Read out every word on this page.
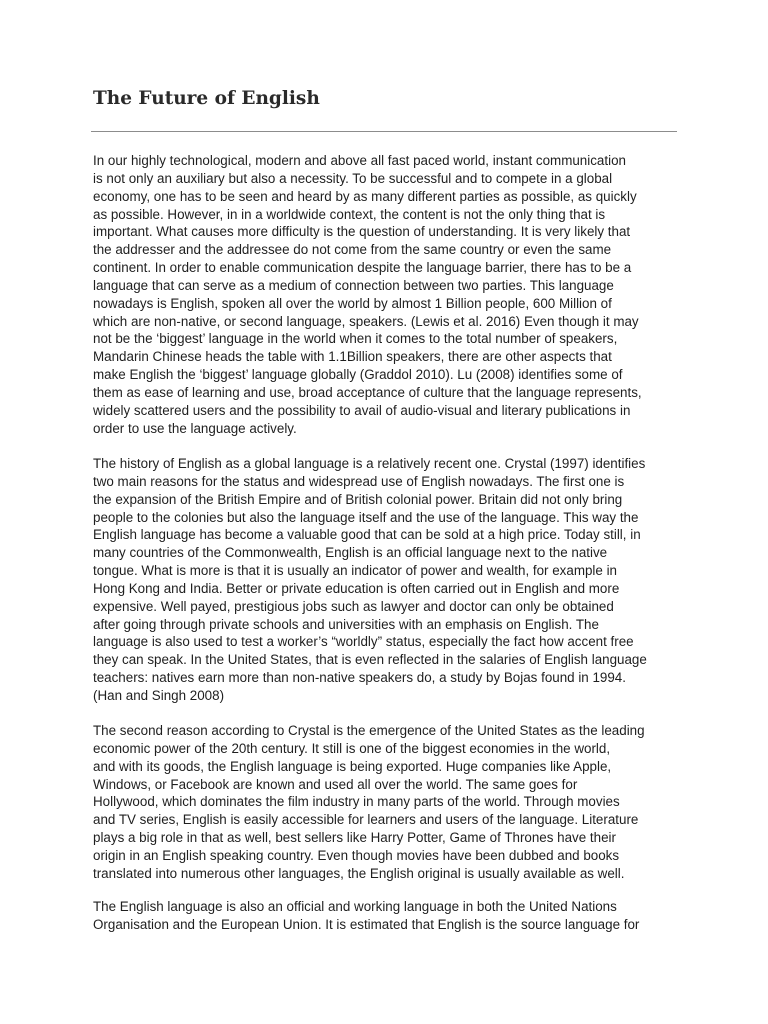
The Future of English
In our highly technological, modern and above all fast paced world, instant communication
is not only an auxiliary but also a necessity. To be successful and to compete in a global
economy, one has to be seen and heard by as many different parties as possible, as quickly
as possible. However, in in a worldwide context, the content is not the only thing that is
important. What causes more difficulty is the question of understanding. It is very likely that
the addresser and the addressee do not come from the same country or even the same
continent. In order to enable communication despite the language barrier, there has to be a
language that can serve as a medium of connection between two parties. This language
nowadays is English, spoken all over the world by almost 1 Billion people, 600 Million of
which are non-native, or second language, speakers. (Lewis et al. 2016) Even though it may
not be the ‘biggest’ language in the world when it comes to the total number of speakers,
Mandarin Chinese heads the table with 1.1Billion speakers, there are other aspects that
make English the ‘biggest’ language globally (Graddol 2010). Lu (2008) identifies some of
them as ease of learning and use, broad acceptance of culture that the language represents,
widely scattered users and the possibility to avail of audio-visual and literary publications in
order to use the language actively.
The history of English as a global language is a relatively recent one. Crystal (1997) identifies
two main reasons for the status and widespread use of English nowadays. The first one is
the expansion of the British Empire and of British colonial power. Britain did not only bring
people to the colonies but also the language itself and the use of the language. This way the
English language has become a valuable good that can be sold at a high price. Today still, in
many countries of the Commonwealth, English is an official language next to the native
tongue. What is more is that it is usually an indicator of power and wealth, for example in
Hong Kong and India. Better or private education is often carried out in English and more
expensive. Well payed, prestigious jobs such as lawyer and doctor can only be obtained
after going through private schools and universities with an emphasis on English. The
language is also used to test a worker’s “worldly” status, especially the fact how accent free
they can speak. In the United States, that is even reflected in the salaries of English language
teachers: natives earn more than non-native speakers do, a study by Bojas found in 1994.
(Han and Singh 2008)
The second reason according to Crystal is the emergence of the United States as the leading
economic power of the 20th century. It still is one of the biggest economies in the world,
and with its goods, the English language is being exported. Huge companies like Apple,
Windows, or Facebook are known and used all over the world. The same goes for
Hollywood, which dominates the film industry in many parts of the world. Through movies
and TV series, English is easily accessible for learners and users of the language. Literature
plays a big role in that as well, best sellers like Harry Potter, Game of Thrones have their
origin in an English speaking country. Even though movies have been dubbed and books
translated into numerous other languages, the English original is usually available as well.
The English language is also an official and working language in both the United Nations
Organisation and the European Union. It is estimated that English is the source language for
